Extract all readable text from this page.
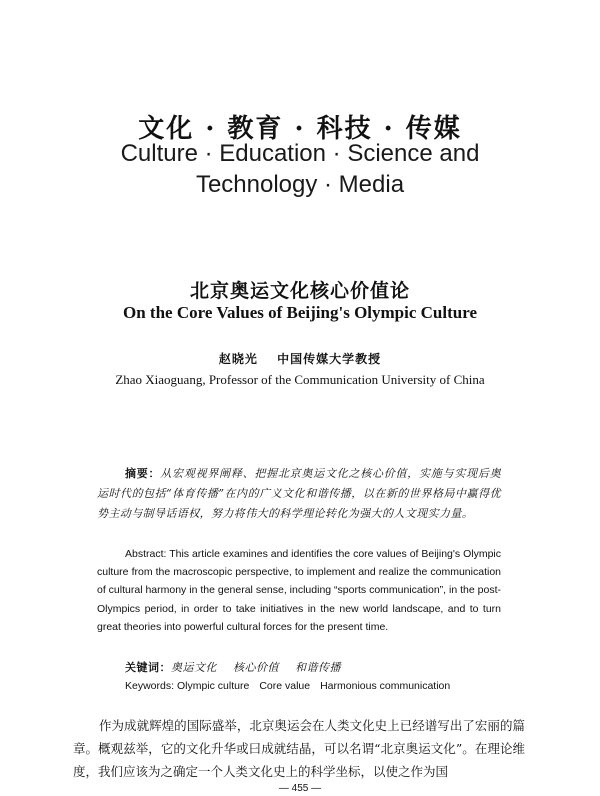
文化 · 教育 · 科技 · 传媒
Culture · Education · Science and
Technology · Media
北京奥运文化核心价值论
On the Core Values of Beijing's Olympic Culture
赵晓光 中国传媒大学教授
Zhao Xiaoguang, Professor of the Communication University of China
摘要：从宏观视界阐释、把握北京奥运文化之核心价值，实施与实现后奥运时代的包括“体育传播”在内的广义文化和谐传播，以在新的世界格局中赢得优势主动与制导话语权，努力将伟大的科学理论转化为强大的人文现实力量。
Abstract: This article examines and identifies the core values of Beijing's Olympic culture from the macroscopic perspective, to implement and realize the communication of cultural harmony in the general sense, including “sports communication”, in the post-Olympics period, in order to take initiatives in the new world landscape, and to turn great theories into powerful cultural forces for the present time.
关键词：奥运文化 核心价值 和谐传播
Keywords: Olympic culture Core value Harmonious communication
作为成就辉煌的国际盛举，北京奥运会在人类文化史上已经谱写出了宏丽的篇章。概观兹举，它的文化升华或曰成就结晶，可以名谓“北京奥运文化”。在理论维度，我们应该为之确定一个人类文化史上的科学坐标，以使之作为国
— 455 —
